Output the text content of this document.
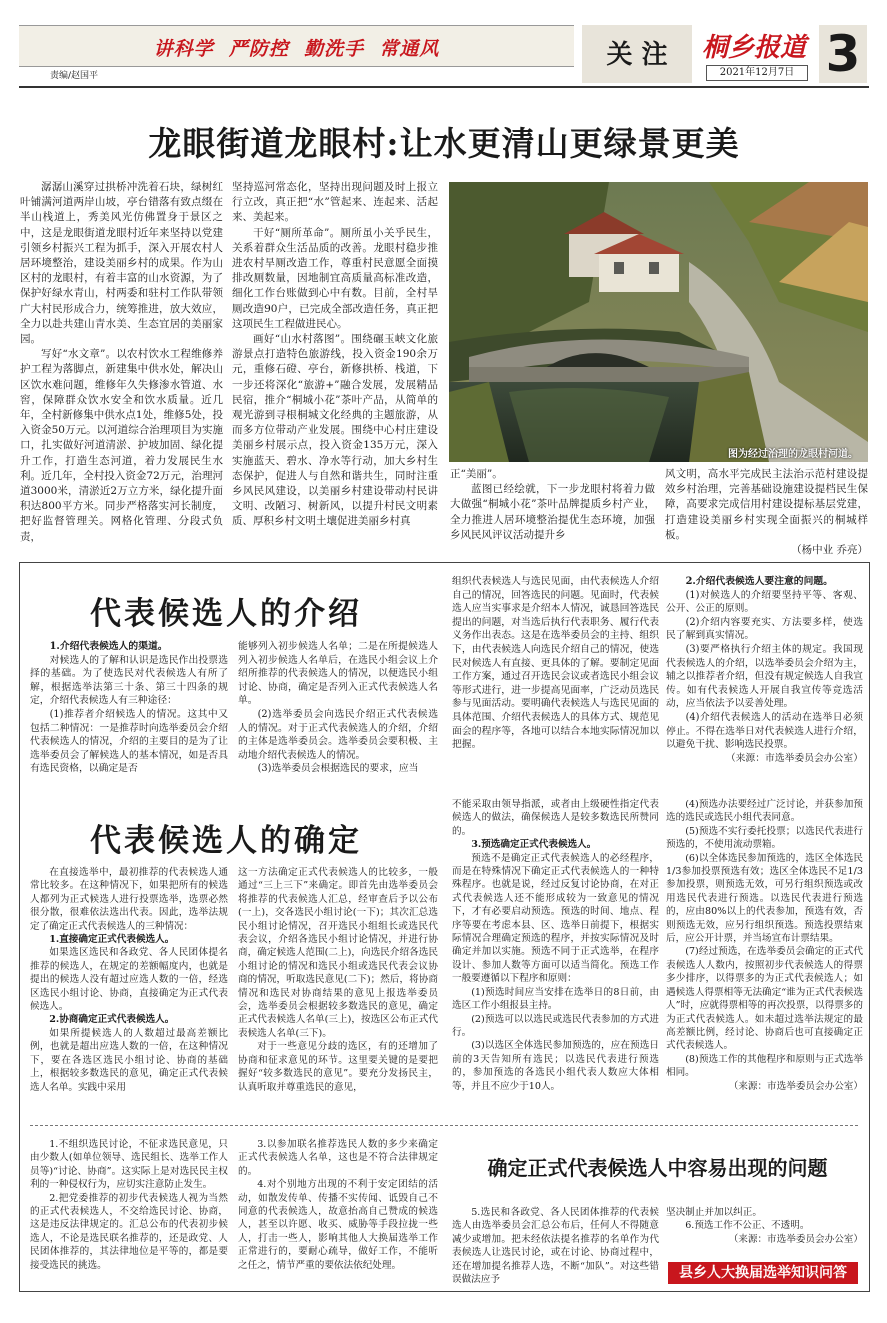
讲科学  严防控  勤洗手  常通风
责编/赵国平
关 注	桐乡报道
2021年12月7日 3
龙眼街道龙眼村:让水更清山更绿景更美

潺潺山溪穿过拱桥冲洗着石块，绿树红叶铺满河道两岸山坡，亭台错落有致点缀在半山栈道上，秀美风光仿佛置身于景区之中，这是龙眼街道龙眼村近年来坚持以党建引领乡村振兴工程为抓手，深入开展农村人居环境整治，建设美丽乡村的成果。作为山区村的龙眼村，有着丰富的山水资源，为了保护好绿水青山，村两委和驻村工作队带领广大村民形成合力，统筹推进，放大效应，全力以赴共建山青水美、生态宜居的美丽家园。

写好“水文章”。以农村饮水工程维修养护工程为落脚点，新建集中供水处，解决山区饮水难问题，维修年久失修渗水管道、水窖，保障群众饮水安全和饮水质量。近几年，全村新修集中供水点1处，维修5处，投入资金50万元。以河道综合治理项目为实施口，扎实做好河道清淤、护坡加固、绿化提升工作，打造生态河道，着力发展民生水利。近几年，全村投入资金72万元，治理河道3000米，清淤近2万立方米，绿化提升面积达800平方米。同步严格落实河长制度，把好监督管理关。网格化管理、分段式负责，

坚持巡河常态化，坚持出现问题及时上报立行立改，真正把“水”管起来、连起来、活起来、美起来。

干好“厕所革命”。厕所虽小关乎民生，关系着群众生活品质的改善。龙眼村稳步推进农村旱厕改造工作，尊重村民意愿全面摸排改厕数量，因地制宜高质量高标准改造，细化工作台账做到心中有数。目前，全村旱厕改造90户，已完成全部改造任务，真正把这项民生工程做进民心。

画好“山水村落图”。围绕碾玉峡文化旅游景点打造特色旅游线，投入资金190余万元，重修石磴、亭台，新修拱桥、栈道，下一步还将深化“旅游+”融合发展，发展精品民宿，推介“桐城小花”茶叶产品，从简单的观光游到寻根桐城文化经典的主题旅游，从而多方位带动产业发展。围绕中心村庄建设美丽乡村展示点，投入资金135万元，深入实施蓝天、碧水、净水等行动，加大乡村生态保护，促进人与自然和谐共生，同时注重乡风民风建设，以美丽乡村建设带动村民讲文明、改陋习、树新风，以提升村民文明素质、厚积乡村文明土壤促进美丽乡村真

图为经过治理的龙眼村河道。

正“美丽”。

蓝图已经绘就，下一步龙眼村将着力做大做强“桐城小花”茶叶品牌提质乡村产业，全力推进人居环境整治提优生态环境，加强乡风民风评议活动提升乡

风文明，高水平完成民主法治示范村建设提效乡村治理，完善基础设施建设提档民生保障，高要求完成信用村建设提标基层党建，打造建设美丽乡村实现全面振兴的桐城样板。

（杨中业 乔亮）

代表候选人的介绍

1.介绍代表候选人的渠道。

对候选人的了解和认识是选民作出投票选择的基础。为了使选民对代表候选人有所了解，根据选举法第三十条、第三十四条的规定，介绍代表候选人有三种途径：

(1)推荐者介绍候选人的情况。这其中又包括二种情况：一是推荐时向选举委员会介绍代表候选人的情况，介绍的主要目的是为了让选举委员会了解候选人的基本情况，如是否具有选民资格，以确定是否

能够列入初步候选人名单；二是在所提候选人列入初步候选人名单后，在选民小组会议上介绍所推荐的代表候选人的情况，以便选民小组讨论、协商，确定是否列入正式代表候选人名单。

(2)选举委员会向选民介绍正式代表候选人的情况。对于正式代表候选人的介绍，介绍的主体是选举委员会。选举委员会要积极、主动地介绍代表候选人的情况。

(3)选举委员会根据选民的要求，应当

组织代表候选人与选民见面，由代表候选人介绍自己的情况，回答选民的问题。见面时，代表候选人应当实事求是介绍本人情况，诚恳回答选民提出的问题，对当选后执行代表职务、履行代表义务作出表态。这是在选举委员会的主持、组织下，由代表候选人向选民介绍自己的情况，使选民对候选人有直接、更具体的了解。要制定见面工作方案，通过召开选民会议或者选民小组会议等形式进行，进一步提高见面率，广泛动员选民参与见面活动。要明确代表候选人与选民见面的具体范围、介绍代表候选人的具体方式、规范见面会的程序等，各地可以结合本地实际情况加以把握。

2.介绍代表候选人要注意的问题。

(1)对候选人的介绍要坚持平等、客观、公开、公正的原则。

(2)介绍内容要充实、方法要多样，使选民了解到真实情况。

(3)要严格执行介绍主体的规定。我国现代表候选人的介绍，以选举委员会介绍为主，辅之以推荐者介绍，但没有规定候选人自我宣传。如有代表候选人开展自我宣传等竞选活动，应当依法予以妥善处理。

(4)介绍代表候选人的活动在选举日必须停止。不得在选举日对代表候选人进行介绍，以避免干扰、影响选民投票。

（来源：市选举委员会办公室）

代表候选人的确定

在直接选举中，最初推荐的代表候选人通常比较多。在这种情况下，如果把所有的候选人都列为正式候选人进行投票选举，选票必然很分散，很难依法选出代表。因此，选举法规定了确定正式代表候选人的三种情况：

1.直接确定正式代表候选人。

如果选区选民和各政党、各人民团体提名推荐的候选人，在规定的差额幅度内，也就是提出的候选人没有超过应选人数的一倍，经选区选民小组讨论、协商，直接确定为正式代表候选人。

2.协商确定正式代表候选人。

如果所提候选人的人数超过最高差额比例，也就是超出应选人数的一倍，在这种情况下，要在各选区选民小组讨论、协商的基础上，根据较多数选民的意见，确定正式代表候选人名单。实践中采用

这一方法确定正式代表候选人的比较多，一般通过“三上三下”来确定。即首先由选举委员会将推荐的代表候选人汇总，经审查后予以公布(一上)，交各选民小组讨论(一下)；其次汇总选民小组讨论情况，召开选民小组组长或选民代表会议，介绍各选民小组讨论情况，并进行协商，确定候选人范围(二上)，向选民介绍各选民小组讨论的情况和选民小组或选民代表会议协商的情况，听取选民意见(二下)；然后，将协商情况和选民对协商结果的意见上报选举委员会，选举委员会根据较多数选民的意见，确定正式代表候选人名单(三上)，按选区公布正式代表候选人名单(三下)。

对于一些意见分歧的选区，有的还增加了协商和征求意见的环节。这里要关键的是要把握好“较多数选民的意见”。要充分发扬民主，认真听取并尊重选民的意见，

不能采取由领导指派，或者由上级硬性指定代表候选人的做法，确保候选人是较多数选民所赞同的。

3.预选确定正式代表候选人。

预选不是确定正式代表候选人的必经程序，而是在特殊情况下确定正式代表候选人的一种特殊程序。也就是说，经过反复讨论协商，在对正式代表候选人还不能形成较为一致意见的情况下，才有必要启动预选。预选的时间、地点、程序等要在考虑本县、区、选举日前提下，根据实际情况合理确定预选的程序，并按实际情况及时确定并加以实施。预选不同于正式选举，在程序设计、参加人数等方面可以适当简化。预选工作一般要遵循以下程序和原则：

(1)预选时间应当安排在选举日的8日前，由选区工作小组报县主持。

(2)预选可以以选民或选民代表参加的方式进行。

(3)以选区全体选民参加预选的，应在预选日前的3天告知所有选民；以选民代表进行预选的，参加预选的各选民小组代表人数应大体相等，并且不应少于10人。

(4)预选办法要经过广泛讨论，并获参加预选的选民或选民小组代表同意。

(5)预选不实行委托投票；以选民代表进行预选的，不使用流动票箱。

(6)以全体选民参加预选的，选区全体选民1/3参加投票预选有效；选区全体选民不足1/3参加投票，则预选无效，可另行组织预选或改用选民代表进行预选。以选民代表进行预选的，应由80%以上的代表参加，预选有效，否则预选无效，应另行组织预选。预选投票结束后，应公开计票，并当场宣布计票结果。

(7)经过预选，在选举委员会确定的正式代表候选人人数内，按照初步代表候选人的得票多少排序，以得票多的为正式代表候选人；如遇候选人得票相等无法确定“谁为正式代表候选人”时，应就得票相等的再次投票，以得票多的为正式代表候选人。如未超过选举法规定的最高差额比例，经讨论、协商后也可直接确定正式代表候选人。

(8)预选工作的其他程序和原则与正式选举相同。

（来源：市选举委员会办公室）

1.不组织选民讨论，不征求选民意见，只由少数人(如单位领导、选民组长、选举工作人员等)“讨论、协商”。这实际上是对选民民主权利的一种侵权行为，应切实注意防止发生。

2.把党委推荐的初步代表候选人视为当然的正式代表候选人，不交给选民讨论、协商，这是违反法律规定的。汇总公布的代表初步候选人，不论是选民联名推荐的，还是政党、人民团体推荐的，其法律地位是平等的，都是要接受选民的挑选。

3.以参加联名推荐选民人数的多少来确定正式代表候选人名单，这也是不符合法律规定的。

4.对个别地方出现的不利于安定团结的活动，如散发传单、传播不实传闻、诋毁自己不同意的代表候选人，故意抬高自己赞成的候选人，甚至以许愿、收买、威胁等手段拉拢一些人，打击一些人，影响其他人大换届选举工作正常进行的，要耐心疏导，做好工作，不能听之任之，情节严重的要依法依纪处理。

确定正式代表候选人中容易出现的问题

5.选民和各政党、各人民团体推荐的代表候选人由选举委员会汇总公布后，任何人不得随意减少或增加。把未经依法提名推荐的名单作为代表候选人让选民讨论，或在讨论、协商过程中，还在增加提名推荐人选，不断“加队”。对这些错误做法应予

坚决制止并加以纠正。

6.预选工作不公正、不透明。

（来源：市选举委员会办公室）

县乡人大换届选举知识问答
